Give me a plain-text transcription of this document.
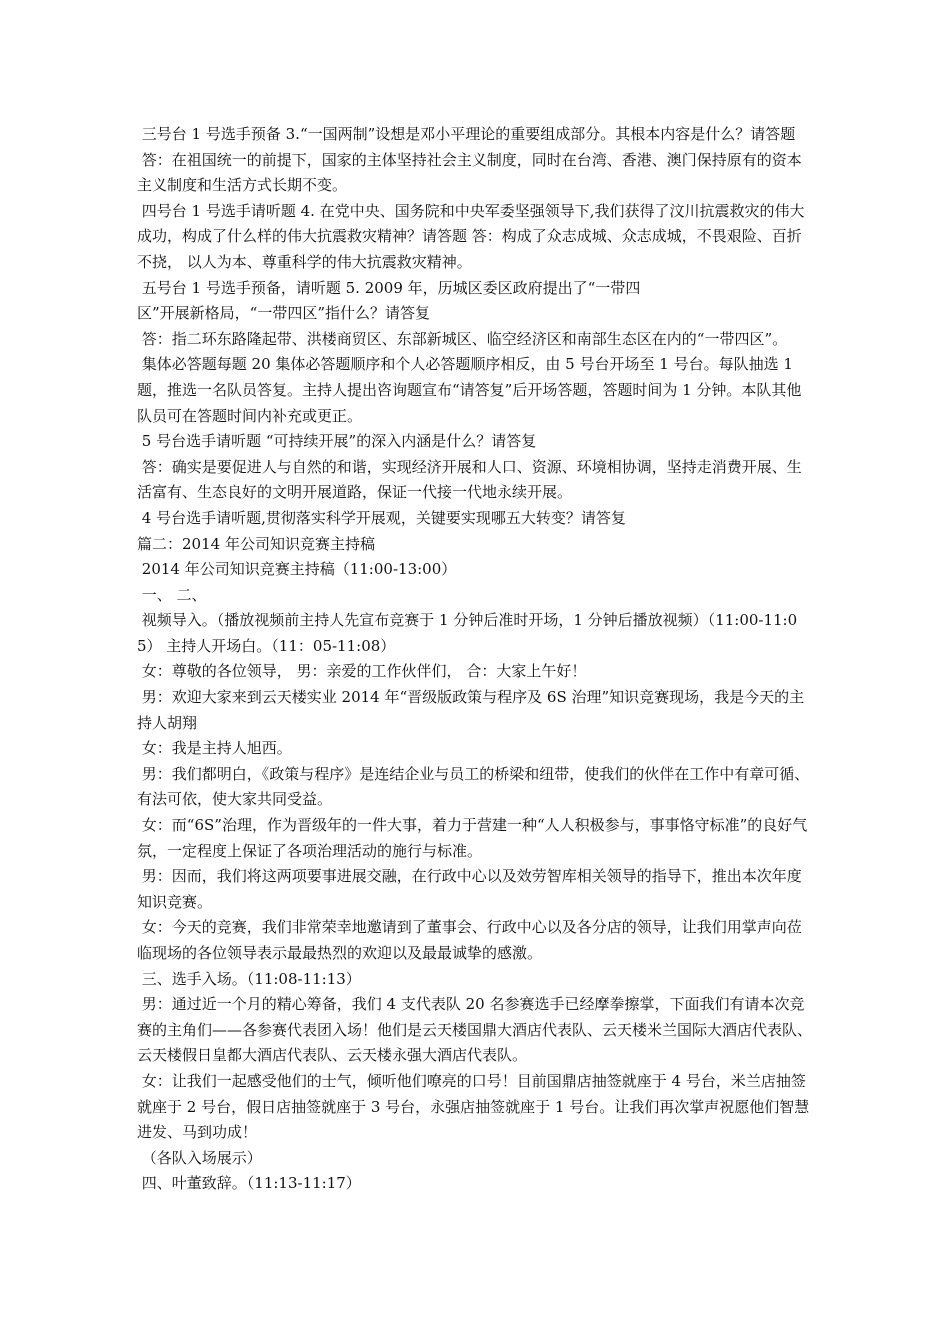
三号台 1 号选手预备 3.“一国两制”设想是邓小平理论的重要组成部分。其根本内容是什么？请答题

答：在祖国统一的前提下，国家的主体坚持社会主义制度，同时在台湾、香港、澳门保持原有的资本主义制度和生活方式长期不变。

四号台 1 号选手请听题 4. 在党中央、国务院和中央军委坚强领导下,我们获得了汶川抗震救灾的伟大成功，构成了什么样的伟大抗震救灾精神？请答题 答：构成了众志成城、众志成城，不畏艰险、百折不挠， 以人为本、尊重科学的伟大抗震救灾精神。

五号台 1 号选手预备，请听题 5. 2009 年，历城区委区政府提出了“一带四
区”开展新格局，“一带四区”指什么？请答复

答：指二环东路隆起带、洪楼商贸区、东部新城区、临空经济区和南部生态区在内的“一带四区”。

集体必答题每题 20 集体必答题顺序和个人必答题顺序相反，由 5 号台开场至 1 号台。每队抽选 1 题，推选一名队员答复。主持人提出咨询题宣布“请答复”后开场答题，答题时间为 1 分钟。本队其他队员可在答题时间内补充或更正。

5 号台选手请听题 “可持续开展”的深入内涵是什么？请答复

答：确实是要促进人与自然的和谐，实现经济开展和人口、资源、环境相协调，坚持走消费开展、生活富有、生态良好的文明开展道路，保证一代接一代地永续开展。

4 号台选手请听题,贯彻落实科学开展观，关键要实现哪五大转变？请答复

篇二：2014 年公司知识竞赛主持稿

2014 年公司知识竞赛主持稿（11:00-13:00）

一、 二、

视频导入。（播放视频前主持人先宣布竞赛于 1 分钟后准时开场，1 分钟后播放视频）（11:00-11:05） 主持人开场白。（11：05-11:08）

女：尊敬的各位领导， 男：亲爱的工作伙伴们， 合：大家上午好！

男：欢迎大家来到云天楼实业 2014 年“晋级版政策与程序及 6S 治理”知识竞赛现场，我是今天的主持人胡翔

女：我是主持人旭西。

男：我们都明白，《政策与程序》是连结企业与员工的桥梁和纽带，使我们的伙伴在工作中有章可循、有法可依，使大家共同受益。

女：而“6S”治理，作为晋级年的一件大事，着力于营建一种“人人积极参与，事事恪守标准”的良好气氛，一定程度上保证了各项治理活动的施行与标准。

男：因而，我们将这两项要事进展交融，在行政中心以及效劳智库相关领导的指导下，推出本次年度知识竞赛。

女：今天的竞赛，我们非常荣幸地邀请到了董事会、行政中心以及各分店的领导，让我们用掌声向莅临现场的各位领导表示最最热烈的欢迎以及最最诚挚的感激。

三、选手入场。（11:08-11:13）

男：通过近一个月的精心筹备，我们 4 支代表队 20 名参赛选手已经摩拳擦掌，下面我们有请本次竞赛的主角们——各参赛代表团入场！他们是云天楼国鼎大酒店代表队、云天楼米兰国际大酒店代表队、云天楼假日皇都大酒店代表队、云天楼永强大酒店代表队。

女：让我们一起感受他们的士气，倾听他们嘹亮的口号！目前国鼎店抽签就座于 4 号台，米兰店抽签就座于 2 号台，假日店抽签就座于 3 号台，永强店抽签就座于 1 号台。让我们再次掌声祝愿他们智慧进发、马到功成！

（各队入场展示）

四、叶董致辞。（11:13-11:17）
